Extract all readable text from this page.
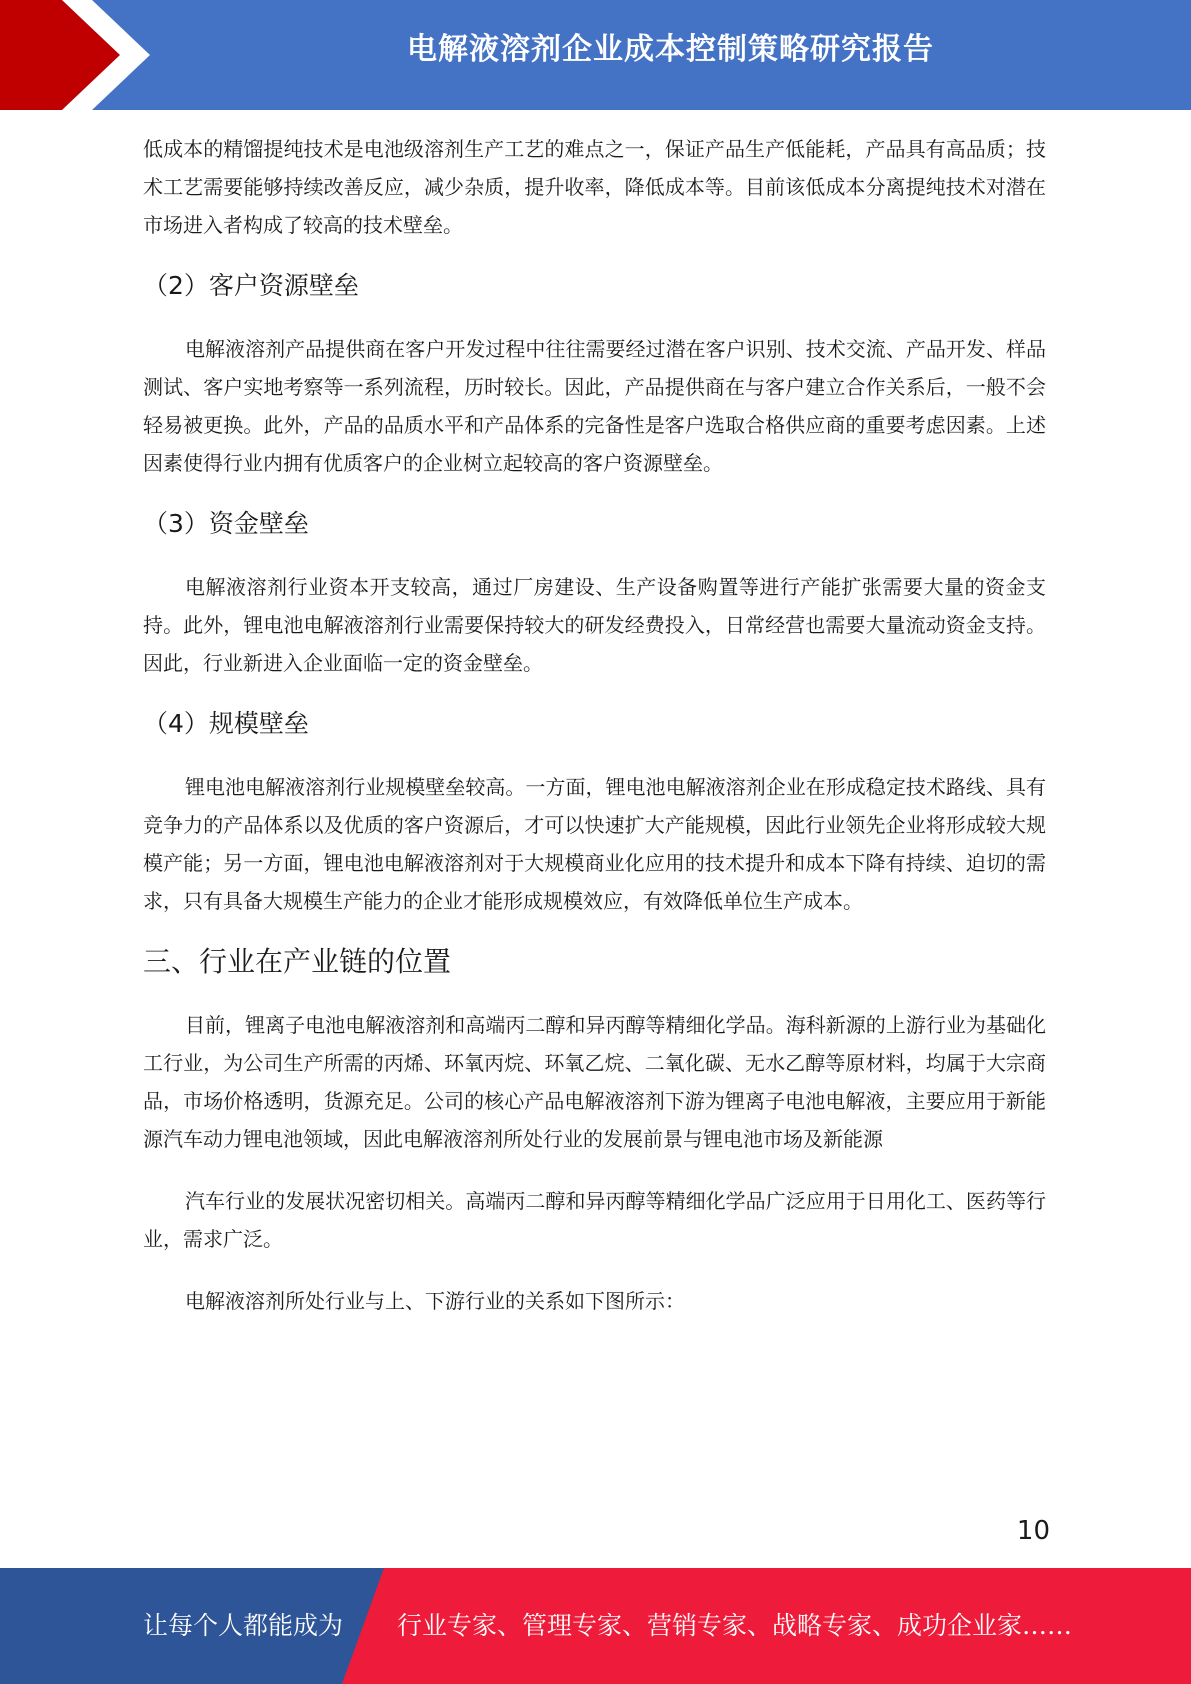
电解液溶剂企业成本控制策略研究报告

低成本的精馏提纯技术是电池级溶剂生产工艺的难点之一，保证产品生产低能耗，产品具有高品质；技术工艺需要能够持续改善反应，减少杂质，提升收率，降低成本等。目前该低成本分离提纯技术对潜在市场进入者构成了较高的技术壁垒。

（2）客户资源壁垒

电解液溶剂产品提供商在客户开发过程中往往需要经过潜在客户识别、技术交流、产品开发、样品测试、客户实地考察等一系列流程，历时较长。因此，产品提供商在与客户建立合作关系后，一般不会轻易被更换。此外，产品的品质水平和产品体系的完备性是客户选取合格供应商的重要考虑因素。上述因素使得行业内拥有优质客户的企业树立起较高的客户资源壁垒。

（3）资金壁垒

电解液溶剂行业资本开支较高，通过厂房建设、生产设备购置等进行产能扩张需要大量的资金支持。此外，锂电池电解液溶剂行业需要保持较大的研发经费投入，日常经营也需要大量流动资金支持。因此，行业新进入企业面临一定的资金壁垒。

（4）规模壁垒

锂电池电解液溶剂行业规模壁垒较高。一方面，锂电池电解液溶剂企业在形成稳定技术路线、具有竞争力的产品体系以及优质的客户资源后，才可以快速扩大产能规模，因此行业领先企业将形成较大规模产能；另一方面，锂电池电解液溶剂对于大规模商业化应用的技术提升和成本下降有持续、迫切的需求，只有具备大规模生产能力的企业才能形成规模效应，有效降低单位生产成本。

三、行业在产业链的位置

目前，锂离子电池电解液溶剂和高端丙二醇和异丙醇等精细化学品。海科新源的上游行业为基础化工行业，为公司生产所需的丙烯、环氧丙烷、环氧乙烷、二氧化碳、无水乙醇等原材料，均属于大宗商品，市场价格透明，货源充足。公司的核心产品电解液溶剂下游为锂离子电池电解液，主要应用于新能源汽车动力锂电池领域，因此电解液溶剂所处行业的发展前景与锂电池市场及新能源

汽车行业的发展状况密切相关。高端丙二醇和异丙醇等精细化学品广泛应用于日用化工、医药等行业，需求广泛。

电解液溶剂所处行业与上、下游行业的关系如下图所示：

10
让每个人都能成为 行业专家、管理专家、营销专家、战略专家、成功企业家……
